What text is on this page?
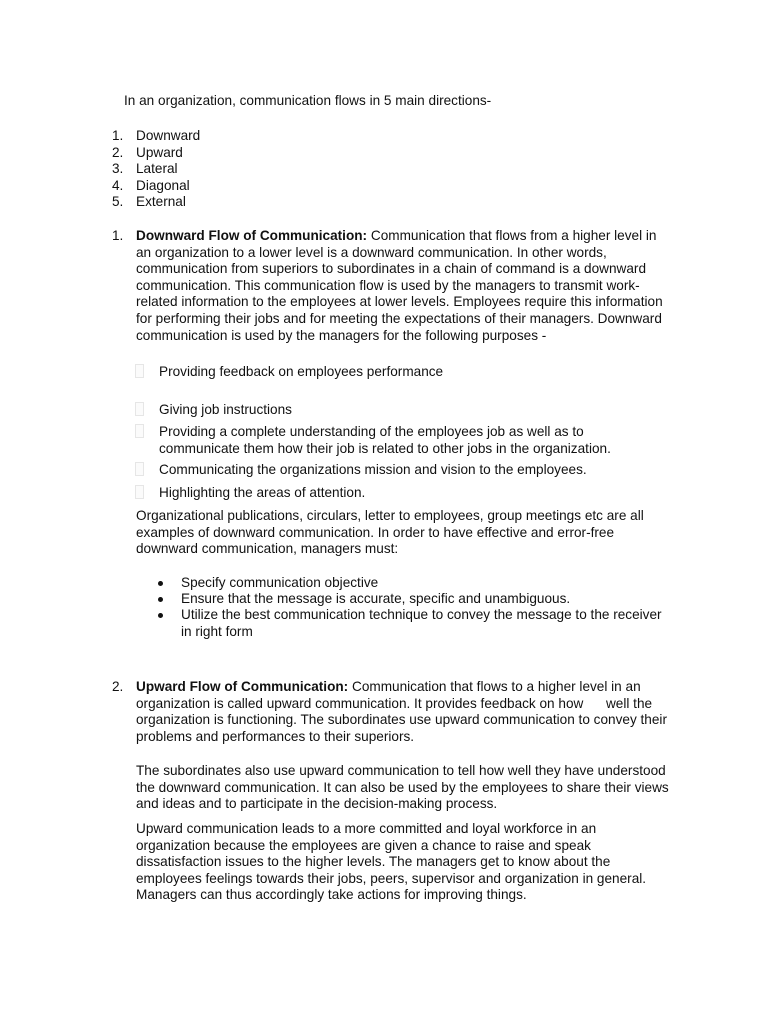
In an organization, communication flows in 5 main directions-
1. Downward
2. Upward
3. Lateral
4. Diagonal
5. External
1. Downward Flow of Communication: Communication that flows from a higher level in
an organization to a lower level is a downward communication. In other words,
communication from superiors to subordinates in a chain of command is a downward
communication. This communication flow is used by the managers to transmit work-
related information to the employees at lower levels. Employees require this information
for performing their jobs and for meeting the expectations of their managers. Downward
communication is used by the managers for the following purposes -
Providing feedback on employees performance
Giving job instructions
Providing a complete understanding of the employees job as well as to
communicate them how their job is related to other jobs in the organization.
Communicating the organizations mission and vision to the employees.
Highlighting the areas of attention.
Organizational publications, circulars, letter to employees, group meetings etc are all
examples of downward communication. In order to have effective and error-free
downward communication, managers must:
Specify communication objective
Ensure that the message is accurate, specific and unambiguous.
Utilize the best communication technique to convey the message to the receiver
in right form
2. Upward Flow of Communication: Communication that flows to a higher level in an
organization is called upward communication. It provides feedback on how      well the
organization is functioning. The subordinates use upward communication to convey their
problems and performances to their superiors.
The subordinates also use upward communication to tell how well they have understood
the downward communication. It can also be used by the employees to share their views
and ideas and to participate in the decision-making process.
Upward communication leads to a more committed and loyal workforce in an
organization because the employees are given a chance to raise and speak
dissatisfaction issues to the higher levels. The managers get to know about the
employees feelings towards their jobs, peers, supervisor and organization in general.
Managers can thus accordingly take actions for improving things.
